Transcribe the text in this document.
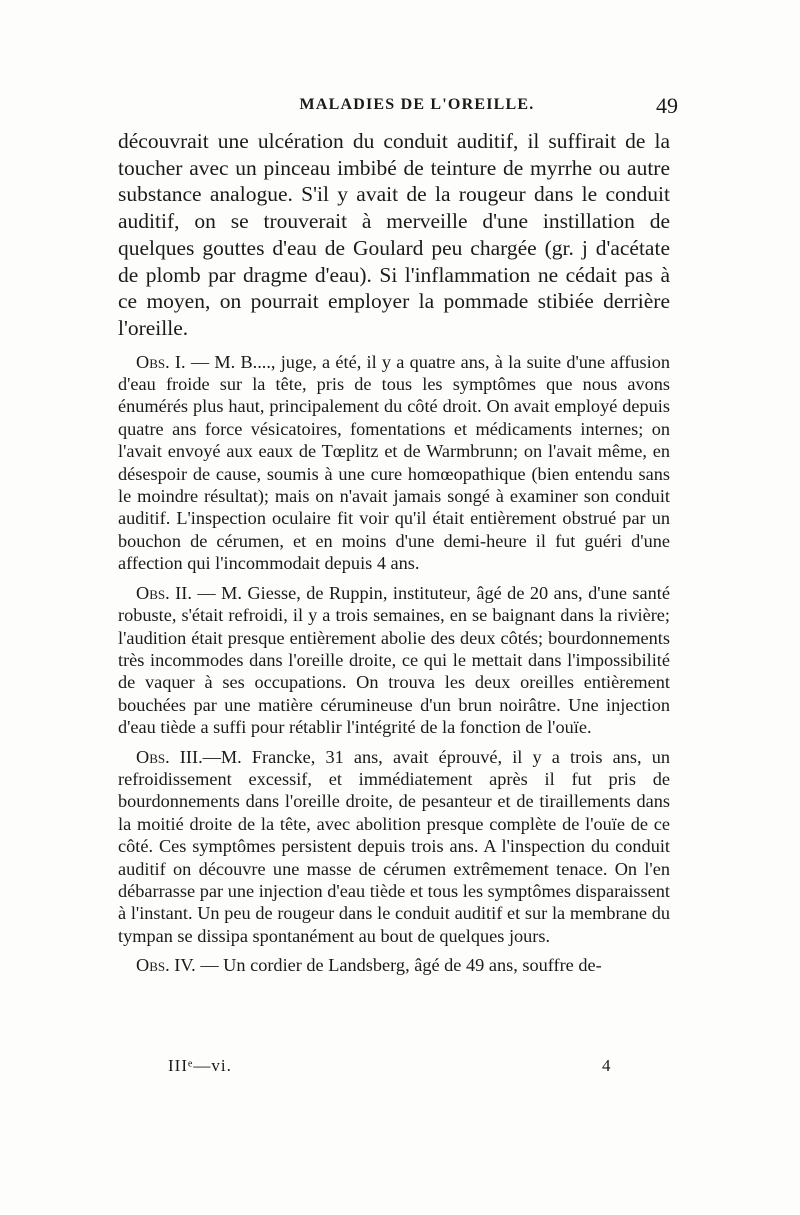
MALADIES DE L'OREILLE.	49

découvrait une ulcération du conduit auditif, il suffirait de la toucher avec un pinceau imbibé de teinture de myrrhe ou autre substance analogue. S'il y avait de la rougeur dans le conduit auditif, on se trouverait à merveille d'une instillation de quelques gouttes d'eau de Goulard peu chargée (gr. j d'acétate de plomb par dragme d'eau). Si l'inflammation ne cédait pas à ce moyen, on pourrait employer la pommade stibiée derrière l'oreille.

Obs. I. — M. B...., juge, a été, il y a quatre ans, à la suite d'une affusion d'eau froide sur la tête, pris de tous les symptômes que nous avons énumérés plus haut, principalement du côté droit. On avait employé depuis quatre ans force vésicatoires, fomentations et médicaments internes; on l'avait envoyé aux eaux de Tœplitz et de Warmbrunn; on l'avait même, en désespoir de cause, soumis à une cure homœopathique (bien entendu sans le moindre résultat); mais on n'avait jamais songé à examiner son conduit auditif. L'inspection oculaire fit voir qu'il était entièrement obstrué par un bouchon de cérumen, et en moins d'une demi-heure il fut guéri d'une affection qui l'incommodait depuis 4 ans.

Obs. II. — M. Giesse, de Ruppin, instituteur, âgé de 20 ans, d'une santé robuste, s'était refroidi, il y a trois semaines, en se baignant dans la rivière; l'audition était presque entièrement abolie des deux côtés; bourdonnements très incommodes dans l'oreille droite, ce qui le mettait dans l'impossibilité de vaquer à ses occupations. On trouva les deux oreilles entièrement bouchées par une matière cérumineuse d'un brun noirâtre. Une injection d'eau tiède a suffi pour rétablir l'intégrité de la fonction de l'ouïe.

Obs. III.—M. Francke, 31 ans, avait éprouvé, il y a trois ans, un refroidissement excessif, et immédiatement après il fut pris de bourdonnements dans l'oreille droite, de pesanteur et de tiraillements dans la moitié droite de la tête, avec abolition presque complète de l'ouïe de ce côté. Ces symptômes persistent depuis trois ans. A l'inspection du conduit auditif on découvre une masse de cérumen extrêmement tenace. On l'en débarrasse par une injection d'eau tiède et tous les symptômes disparaissent à l'instant. Un peu de rougeur dans le conduit auditif et sur la membrane du tympan se dissipa spontanément au bout de quelques jours.

Obs. IV. — Un cordier de Landsberg, âgé de 49 ans, souffre de-

IIIᵉ—vi.	4
